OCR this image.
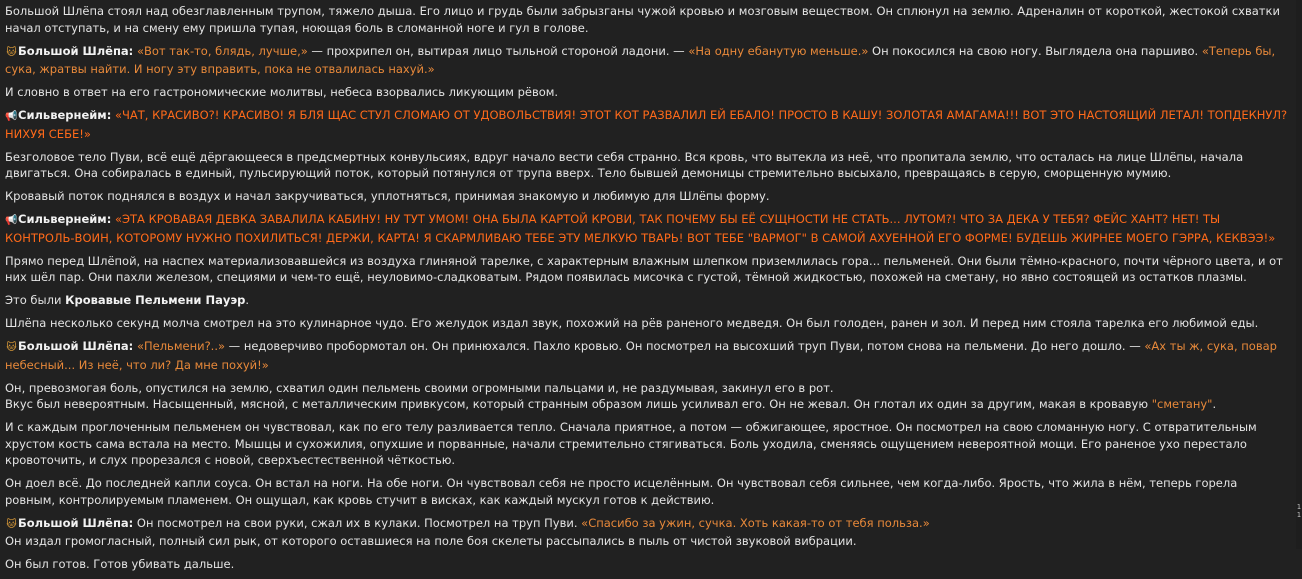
Большой Шлёпа стоял над обезглавленным трупом, тяжело дыша. Его лицо и грудь были забрызганы чужой кровью и мозговым веществом. Он сплюнул на землю. Адреналин от короткой, жестокой схватки начал отступать, и на смену ему пришла тупая, ноющая боль в сломанной ноге и гул в голове.
🐱Большой Шлёпа: «Вот так-то, блядь, лучше,» — прохрипел он, вытирая лицо тыльной стороной ладони. — «На одну ебанутую меньше.» Он покосился на свою ногу. Выглядела она паршиво. «Теперь бы, сука, жратвы найти. И ногу эту вправить, пока не отвалилась нахуй.»
И словно в ответ на его гастрономические молитвы, небеса взорвались ликующим рёвом.
📢Сильвернейм: «ЧАТ, КРАСИВО?! КРАСИВО! Я БЛЯ ЩАС СТУЛ СЛОМАЮ ОТ УДОВОЛЬСТВИЯ! ЭТОТ КОТ РАЗВАЛИЛ ЕЙ ЕБАЛО! ПРОСТО В КАШУ! ЗОЛОТАЯ АМАГАМА!!! ВОТ ЭТО НАСТОЯЩИЙ ЛЕТАЛ! ТОПДЕКНУЛ? НИХУЯ СЕБЕ!»
Безголовое тело Пуви, всё ещё дёргающееся в предсмертных конвульсиях, вдруг начало вести себя странно. Вся кровь, что вытекла из неё, что пропитала землю, что осталась на лице Шлёпы, начала двигаться. Она собиралась в единый, пульсирующий поток, который потянулся от трупа вверх. Тело бывшей демоницы стремительно высыхало, превращаясь в серую, сморщенную мумию.
Кровавый поток поднялся в воздух и начал закручиваться, уплотняться, принимая знакомую и любимую для Шлёпы форму.
📢Сильвернейм: «ЭТА КРОВАВАЯ ДЕВКА ЗАВАЛИЛА КАБИНУ! НУ ТУТ УМОМ! ОНА БЫЛА КАРТОЙ КРОВИ, ТАК ПОЧЕМУ БЫ ЕЁ СУЩНОСТИ НЕ СТАТЬ... ЛУТОМ?! ЧТО ЗА ДЕКА У ТЕБЯ? ФЕЙС ХАНТ? НЕТ! ТЫ КОНТРОЛЬ-ВОИН, КОТОРОМУ НУЖНО ПОХИЛИТЬСЯ! ДЕРЖИ, КАРТА! Я СКАРМЛИВАЮ ТЕБЕ ЭТУ МЕЛКУЮ ТВАРЬ! ВОТ ТЕБЕ "ВАРМОГ" В САМОЙ АХУЕННОЙ ЕГО ФОРМЕ! БУДЕШЬ ЖИРНЕЕ МОЕГО ГЭРРА, КЕКВЭЭ!»
Прямо перед Шлёпой, на наспех материализовавшейся из воздуха глиняной тарелке, с характерным влажным шлепком приземлилась гора... пельменей. Они были тёмно-красного, почти чёрного цвета, и от них шёл пар. Они пахли железом, специями и чем-то ещё, неуловимо-сладковатым. Рядом появилась мисочка с густой, тёмной жидкостью, похожей на сметану, но явно состоящей из остатков плазмы.
Это были Кровавые Пельмени Пауэр.
Шлёпа несколько секунд молча смотрел на это кулинарное чудо. Его желудок издал звук, похожий на рёв раненого медведя. Он был голоден, ранен и зол. И перед ним стояла тарелка его любимой еды.
🐱Большой Шлёпа: «Пельмени?..» — недоверчиво пробормотал он. Он принюхался. Пахло кровью. Он посмотрел на высохший труп Пуви, потом снова на пельмени. До него дошло. — «Ах ты ж, сука, повар небесный... Из неё, что ли? Да мне похуй!»
Он, превозмогая боль, опустился на землю, схватил один пельмень своими огромными пальцами и, не раздумывая, закинул его в рот.
Вкус был невероятным. Насыщенный, мясной, с металлическим привкусом, который странным образом лишь усиливал его. Он не жевал. Он глотал их один за другим, макая в кровавую "сметану".
И с каждым проглоченным пельменем он чувствовал, как по его телу разливается тепло. Сначала приятное, а потом — обжигающее, яростное. Он посмотрел на свою сломанную ногу. С отвратительным хрустом кость сама встала на место. Мышцы и сухожилия, опухшие и порванные, начали стремительно стягиваться. Боль уходила, сменяясь ощущением невероятной мощи. Его раненое ухо перестало кровоточить, и слух прорезался с новой, сверхъестественной чёткостью.
Он доел всё. До последней капли соуса. Он встал на ноги. На обе ноги. Он чувствовал себя не просто исцелённым. Он чувствовал себя сильнее, чем когда-либо. Ярость, что жила в нём, теперь горела ровным, контролируемым пламенем. Он ощущал, как кровь стучит в висках, как каждый мускул готов к действию.
🐱Большой Шлёпа: Он посмотрел на свои руки, сжал их в кулаки. Посмотрел на труп Пуви. «Спасибо за ужин, сучка. Хоть какая-то от тебя польза.»
Он издал громогласный, полный сил рык, от которого оставшиеся на поле боя скелеты рассыпались в пыль от чистой звуковой вибрации.
Он был готов. Готов убивать дальше.
1
1
